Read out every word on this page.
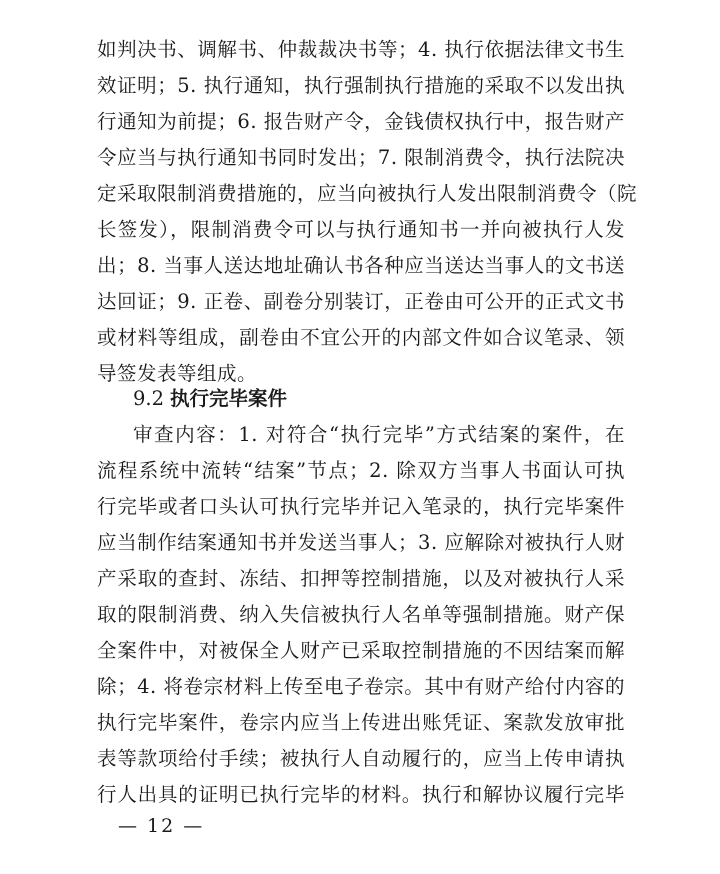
如判决书、调解书、仲裁裁决书等；4. 执行依据法律文书生
效证明；5. 执行通知，执行强制执行措施的采取不以发出执
行通知为前提；6. 报告财产令，金钱债权执行中，报告财产
令应当与执行通知书同时发出；7. 限制消费令，执行法院决
定采取限制消费措施的，应当向被执行人发出限制消费令（院
长签发），限制消费令可以与执行通知书一并向被执行人发
出；8. 当事人送达地址确认书各种应当送达当事人的文书送
达回证；9. 正卷、副卷分别装订，正卷由可公开的正式文书
或材料等组成，副卷由不宜公开的内部文件如合议笔录、领
导签发表等组成。
9.2 执行完毕案件
审查内容：1. 对符合“执行完毕”方式结案的案件，在
流程系统中流转“结案”节点；2. 除双方当事人书面认可执
行完毕或者口头认可执行完毕并记入笔录的，执行完毕案件
应当制作结案通知书并发送当事人；3. 应解除对被执行人财
产采取的查封、冻结、扣押等控制措施，以及对被执行人采
取的限制消费、纳入失信被执行人名单等强制措施。财产保
全案件中，对被保全人财产已采取控制措施的不因结案而解
除；4. 将卷宗材料上传至电子卷宗。其中有财产给付内容的
执行完毕案件，卷宗内应当上传进出账凭证、案款发放审批
表等款项给付手续；被执行人自动履行的，应当上传申请执
行人出具的证明已执行完毕的材料。执行和解协议履行完毕
— 12 —
